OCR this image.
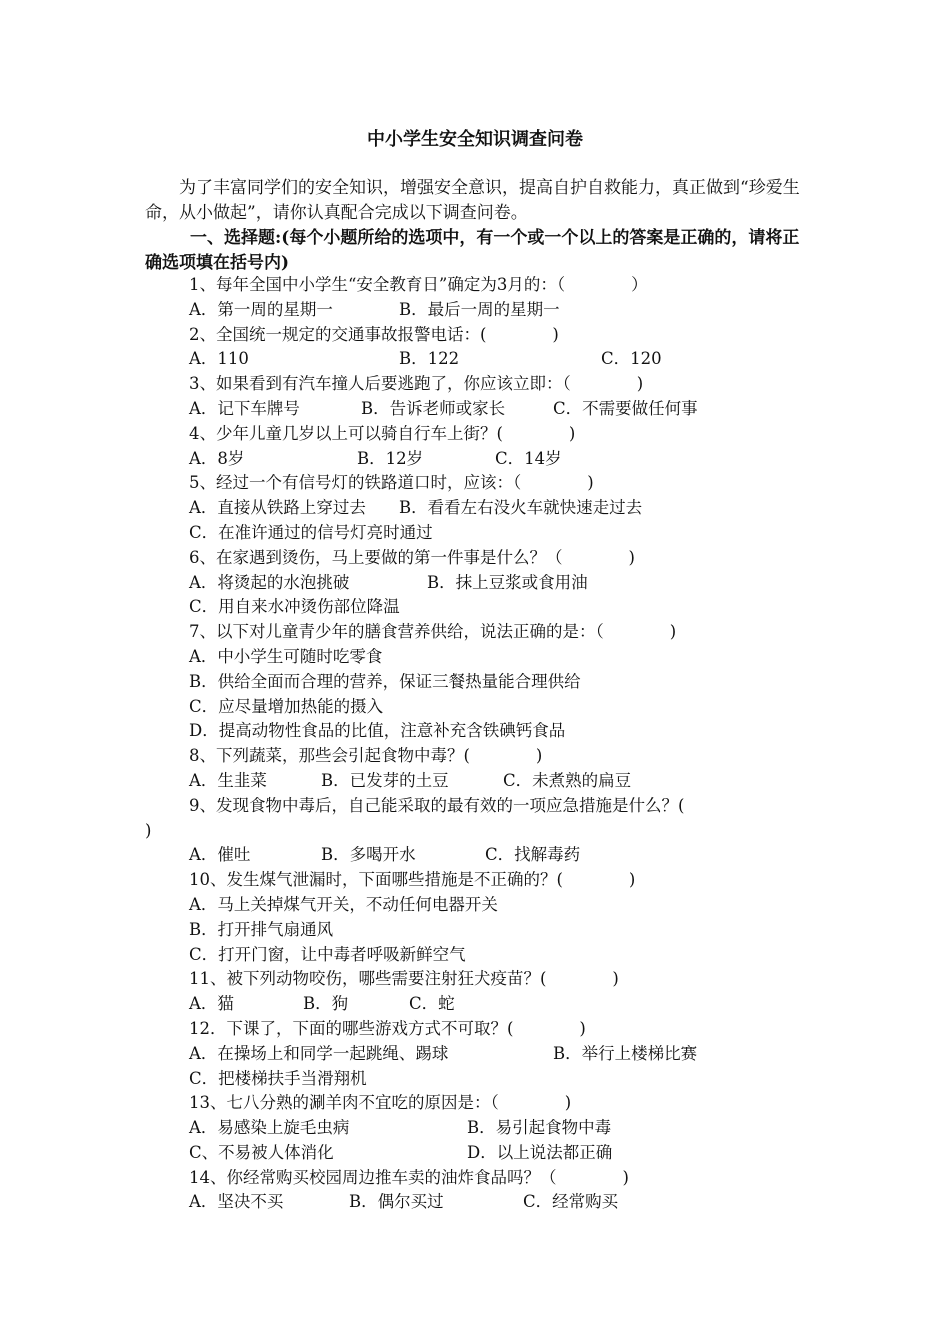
中小学生安全知识调查问卷
为了丰富同学们的安全知识，增强安全意识，提高自护自救能力，真正做到“珍爱生命，从小做起”，请你认真配合完成以下调查问卷。
一、选择题:(每个小题所给的选项中，有一个或一个以上的答案是正确的，请将正确选项填在括号内)
1、每年全国中小学生“安全教育日”确定为3月的：（　　　　）
A．第一周的星期一	B．最后一周的星期一
2、全国统一规定的交通事故报警电话：(　　　　)
A．110	B．122	C．120
3、如果看到有汽车撞人后要逃跑了，你应该立即：（　　　　)
A．记下车牌号	B．告诉老师或家长	C．不需要做任何事
4、少年儿童几岁以上可以骑自行车上街？(　　　　)
A．8岁	B．12岁	C．14岁
5、经过一个有信号灯的铁路道口时，应该：（　　　　)
A．直接从铁路上穿过去 B．看看左右没火车就快速走过去
C．在准许通过的信号灯亮时通过
6、在家遇到烫伤，马上要做的第一件事是什么？（　　　　)
A．将烫起的水泡挑破	B．抹上豆浆或食用油
C．用自来水冲烫伤部位降温
7、以下对儿童青少年的膳食营养供给，说法正确的是：（　　　　)
A．中小学生可随时吃零食
B．供给全面而合理的营养，保证三餐热量能合理供给
C．应尽量增加热能的摄入
D．提高动物性食品的比值，注意补充含铁碘钙食品
8、下列蔬菜，那些会引起食物中毒？(　　　　)
A．生韭菜	B．已发芽的土豆	C．未煮熟的扁豆
9、发现食物中毒后，自己能采取的最有效的一项应急措施是什么？(
)
A．催吐	B．多喝开水	C．找解毒药
10、发生煤气泄漏时，下面哪些措施是不正确的？(　　　　)
A．马上关掉煤气开关，不动任何电器开关
B．打开排气扇通风
C．打开门窗，让中毒者呼吸新鲜空气
11、被下列动物咬伤，哪些需要注射狂犬疫苗？(　　　　)
A．猫	B．狗	C．蛇
12．下课了，下面的哪些游戏方式不可取？(　　　　)
A．在操场上和同学一起跳绳、踢球	B．举行上楼梯比赛
C．把楼梯扶手当滑翔机
13、七八分熟的涮羊肉不宜吃的原因是：（　　　　)
A．易感染上旋毛虫病	B．易引起食物中毒
C、不易被人体消化	D．以上说法都正确
14、你经常购买校园周边推车卖的油炸食品吗？（　　　　)
A．坚决不买	B．偶尔买过	C．经常购买
